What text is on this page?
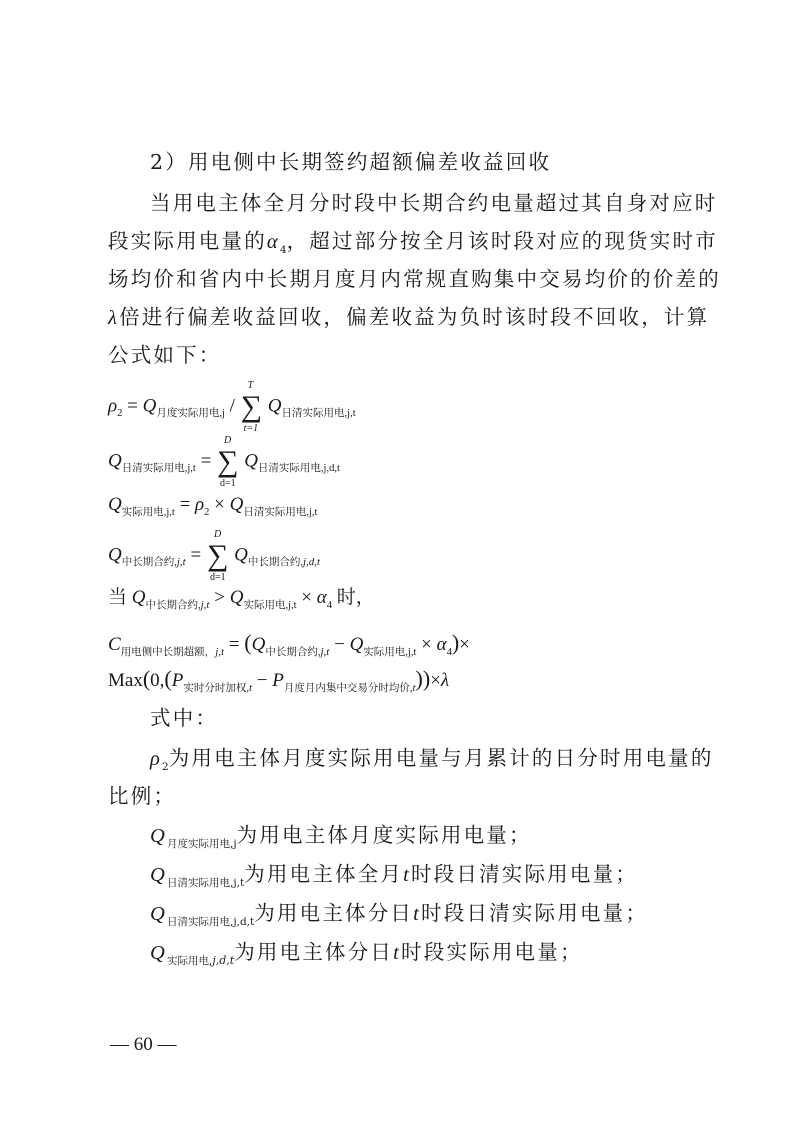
2）用电侧中长期签约超额偏差收益回收
当用电主体全月分时段中长期合约电量超过其自身对应时
段实际用电量的$\alpha_4$，超过部分按全月该时段对应的现货实时市
场均价和省内中长期月度月内常规直购集中交易均价的价差的
λ倍进行偏差收益回收，偏差收益为负时该时段不回收，计算
公式如下：
$\rho_2 = Q_{月度实际用电,j}$ /
T
∑
t=1
$Q_{日清实际用电,j,t}$
$Q_{日清实际用电,j,t}$ =
D
∑
d=1
$Q_{日清实际用电,j,d,t}$
$Q_{实际用电,j,t} = \rho_2 \times Q_{日清实际用电,j,t}$
$Q_{中长期合约,j,t}$ =
D
∑
d=1
$Q_{中长期合约,j,d,t}$
当 $Q_{中长期合约,j,t} > Q_{实际用电,j,t} \times \alpha_4$ 时，
$C_{用电侧中长期超额,j,t} = (Q_{中长期合约,j,t} - Q_{实际用电,j,t} \times \alpha_4)\times$
$Max(0,(P_{实时分时加权,t} - P_{月度月内集中交易分时均价,t}))\times\lambda$
式中：
$\rho_2$为用电主体月度实际用电量与月累计的日分时用电量的
比例；
$Q_{月度实际用电,j}$为用电主体月度实际用电量；
$Q_{日清实际用电,j,t}$为用电主体全月t时段日清实际用电量；
$Q_{日清实际用电,j,d,t}$为用电主体分日t时段日清实际用电量；
$Q_{实际用电,j,d,t}$为用电主体分日t时段实际用电量；
— 60 —
